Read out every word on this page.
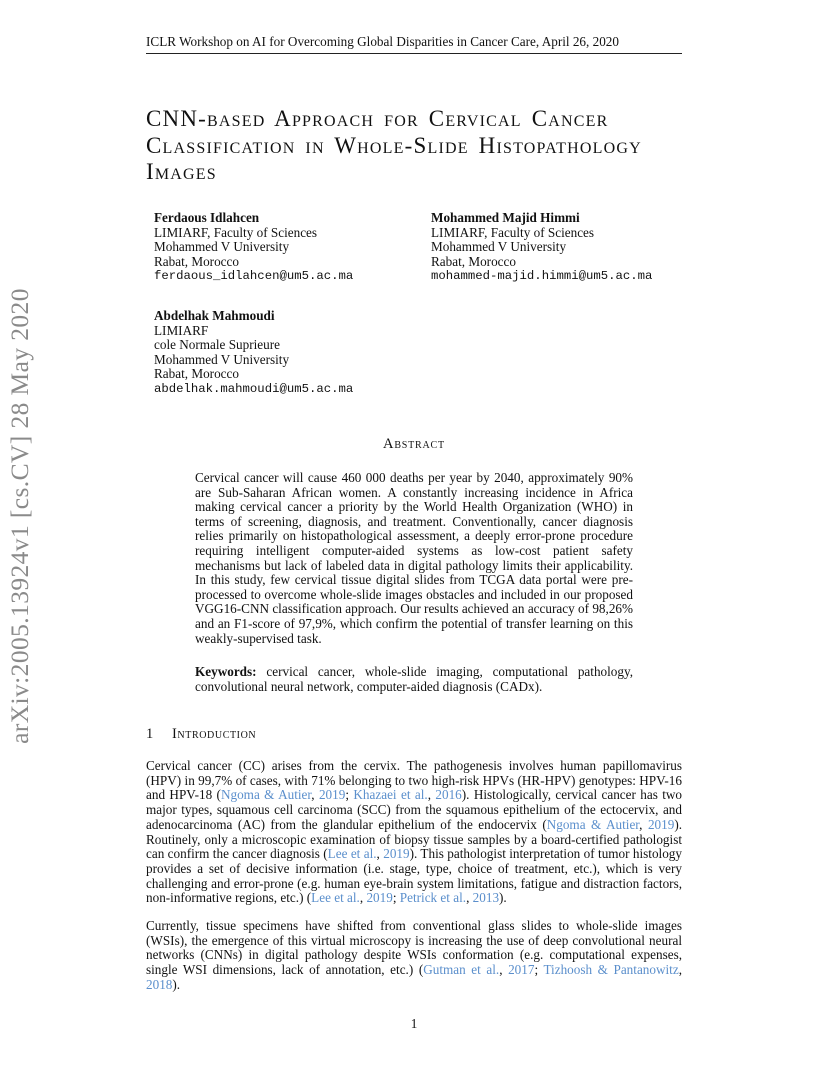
ICLR Workshop on AI for Overcoming Global Disparities in Cancer Care, April 26, 2020
arXiv:2005.13924v1 [cs.CV] 28 May 2020
CNN-based Approach for Cervical Cancer Classification in Whole-Slide Histopathology Images
Ferdaous Idlahcen
LIMIARF, Faculty of Sciences
Mohammed V University
Rabat, Morocco
ferdaous_idlahcen@um5.ac.ma
Mohammed Majid Himmi
LIMIARF, Faculty of Sciences
Mohammed V University
Rabat, Morocco
mohammed-majid.himmi@um5.ac.ma
Abdelhak Mahmoudi
LIMIARF
cole Normale Suprieure
Mohammed V University
Rabat, Morocco
abdelhak.mahmoudi@um5.ac.ma
Abstract

Cervical cancer will cause 460 000 deaths per year by 2040, approximately 90% are Sub-Saharan African women. A constantly increasing incidence in Africa making cervical cancer a priority by the World Health Organization (WHO) in terms of screening, diagnosis, and treatment. Conventionally, cancer diagnosis relies primarily on histopathological assessment, a deeply error-prone procedure requiring intelligent computer-aided systems as low-cost patient safety mechanisms but lack of labeled data in digital pathology limits their applicability. In this study, few cervical tissue digital slides from TCGA data portal were pre-processed to overcome whole-slide images obstacles and included in our proposed VGG16-CNN classification approach. Our results achieved an accuracy of 98,26% and an F1-score of 97,9%, which confirm the potential of transfer learning on this weakly-supervised task.

Keywords: cervical cancer, whole-slide imaging, computational pathology, convolutional neural network, computer-aided diagnosis (CADx).

1 Introduction

Cervical cancer (CC) arises from the cervix. The pathogenesis involves human papillomavirus (HPV) in 99,7% of cases, with 71% belonging to two high-risk HPVs (HR-HPV) genotypes: HPV-16 and HPV-18 (Ngoma & Autier, 2019; Khazaei et al., 2016). Histologically, cervical cancer has two major types, squamous cell carcinoma (SCC) from the squamous epithelium of the ectocervix, and adenocarcinoma (AC) from the glandular epithelium of the endocervix (Ngoma & Autier, 2019). Routinely, only a microscopic examination of biopsy tissue samples by a board-certified pathologist can confirm the cancer diagnosis (Lee et al., 2019). This pathologist interpretation of tumor histology provides a set of decisive information (i.e. stage, type, choice of treatment, etc.), which is very challenging and error-prone (e.g. human eye-brain system limitations, fatigue and distraction factors, non-informative regions, etc.) (Lee et al., 2019; Petrick et al., 2013).

Currently, tissue specimens have shifted from conventional glass slides to whole-slide images (WSIs), the emergence of this virtual microscopy is increasing the use of deep convolutional neural networks (CNNs) in digital pathology despite WSIs conformation (e.g. computational expenses, single WSI dimensions, lack of annotation, etc.) (Gutman et al., 2017; Tizhoosh & Pantanowitz, 2018).

1
